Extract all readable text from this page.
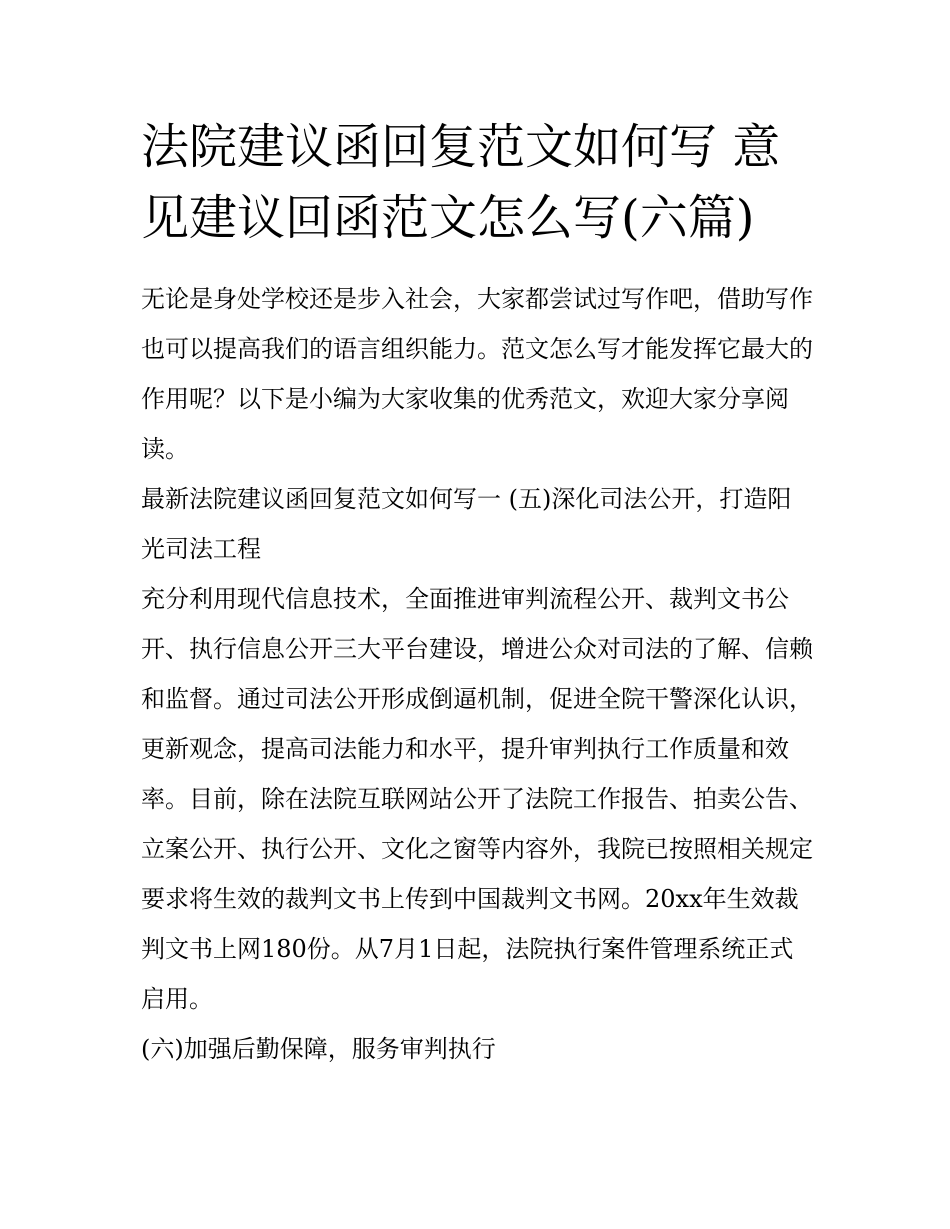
法院建议函回复范文如何写 意见建议回函范文怎么写(六篇)

无论是身处学校还是步入社会，大家都尝试过写作吧，借助写作也可以提高我们的语言组织能力。范文怎么写才能发挥它最大的作用呢？以下是小编为大家收集的优秀范文，欢迎大家分享阅读。

最新法院建议函回复范文如何写一 (五)深化司法公开，打造阳光司法工程

充分利用现代信息技术，全面推进审判流程公开、裁判文书公开、执行信息公开三大平台建设，增进公众对司法的了解、信赖和监督。通过司法公开形成倒逼机制，促进全院干警深化认识，更新观念，提高司法能力和水平，提升审判执行工作质量和效率。目前，除在法院互联网站公开了法院工作报告、拍卖公告、立案公开、执行公开、文化之窗等内容外，我院已按照相关规定要求将生效的裁判文书上传到中国裁判文书网。20xx年生效裁判文书上网180份。从7月1日起，法院执行案件管理系统正式启用。

(六)加强后勤保障，服务审判执行
